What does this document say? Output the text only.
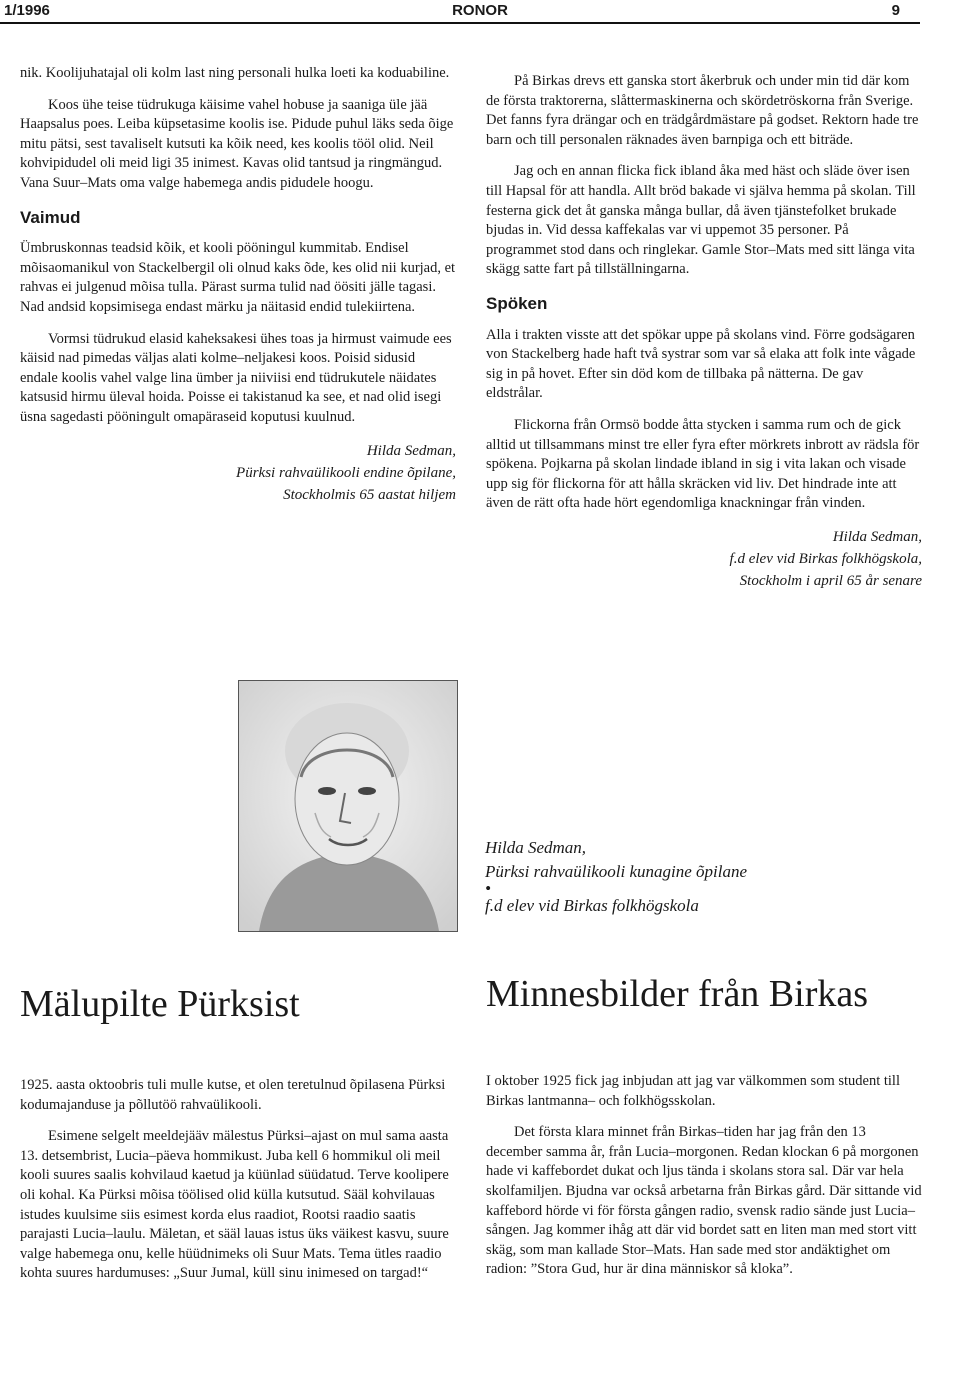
1/1996	RONOR	9

nik. Koolijuhatajal oli kolm last ning personali hulka loeti ka koduabiline.

Koos ühe teise tüdrukuga käisime vahel hobuse ja saaniga üle jää Haapsalus poes. Leiba küpsetasime koolis ise. Pidude puhul läks seda õige mitu pätsi, sest tavaliselt kutsuti ka kõik need, kes koolis tööl olid. Neil kohvipidudel oli meid ligi 35 inimest. Kavas olid tantsud ja ringmängud. Vana Suur–Mats oma valge habemega andis pidudele hoogu.

Vaimud

Ümbruskonnas teadsid kõik, et kooli pööningul kummitab. Endisel mõisaomanikul von Stackelbergil oli olnud kaks õde, kes olid nii kurjad, et rahvas ei julgenud mõisa tulla. Pärast surma tulid nad öösiti jälle tagasi. Nad andsid kopsimisega endast märku ja näitasid endid tulekiirtena.

Vormsi tüdrukud elasid kaheksakesi ühes toas ja hirmust vaimude ees käisid nad pimedas väljas alati kolme–neljakesi koos. Poisid sidusid endale koolis vahel valge lina ümber ja niiviisi end tüdrukutele näidates katsusid hirmu üleval hoida. Poisse ei takistanud ka see, et nad olid isegi üsna sagedasti pööningult omapäraseid koputusi kuulnud.

Hilda Sedman,
Pürksi rahvaülikooli endine õpilane,
Stockholmis 65 aastat hiljem

På Birkas drevs ett ganska stort åkerbruk och under min tid där kom de första traktorerna, slåttermaskinerna och skördetröskorna från Sverige. Det fanns fyra drängar och en trädgårdmästare på godset. Rektorn hade tre barn och till personalen räknades även barnpiga och ett biträde.

Jag och en annan flicka fick ibland åka med häst och släde över isen till Hapsal för att handla. Allt bröd bakade vi själva hemma på skolan. Till festerna gick det åt ganska många bullar, då även tjänstefolket brukade bjudas in. Vid dessa kaffekalas var vi uppemot 35 personer. På programmet stod dans och ringlekar. Gamle Stor–Mats med sitt länga vita skägg satte fart på tillställningarna.

Spöken

Alla i trakten visste att det spökar uppe på skolans vind. Förre godsägaren von Stackelberg hade haft två systrar som var så elaka att folk inte vågade sig in på hovet. Efter sin död kom de tillbaka på nätterna. De gav eldstrålar.

Flickorna från Ormsö bodde åtta stycken i samma rum och de gick alltid ut tillsammans minst tre eller fyra efter mörkrets inbrott av rädsla för spökena. Pojkarna på skolan lindade ibland in sig i vita lakan och visade upp sig för flickorna för att hålla skräcken vid liv. Det hindrade inte att även de rätt ofta hade hört egendomliga knackningar från vinden.

Hilda Sedman,
f.d elev vid Birkas folkhögskola,
Stockholm i april 65 år senare
Hilda Sedman,
Pürksi rahvaülikooli kunagine õpilane
•
f.d elev vid Birkas folkhögskola
Mälupilte Pürksist	Minnesbilder från Birkas

1925. aasta oktoobris tuli mulle kutse, et olen teretulnud õpilasena Pürksi kodumajanduse ja põllutöö rahvaülikooli.

Esimene selgelt meeldejääv mälestus Pürksi–ajast on mul sama aasta 13. detsembrist, Lucia–päeva hommikust. Juba kell 6 hommikul oli meil kooli suures saalis kohvilaud kaetud ja küünlad süüdatud. Terve koolipere oli kohal. Ka Pürksi mõisa töölised olid külla kutsutud. Sääl kohvilauas istudes kuulsime siis esimest korda elus raadiot, Rootsi raadio saatis parajasti Lucia–laulu. Mäletan, et sääl lauas istus üks väikest kasvu, suure valge habemega onu, kelle hüüdnimeks oli Suur Mats. Tema ütles raadio kohta suures hardumuses: „Suur Jumal, küll sinu inimesed on targad!“

I oktober 1925 fick jag inbjudan att jag var välkommen som student till Birkas lantmanna– och folkhögsskolan.

Det första klara minnet från Birkas–tiden har jag från den 13 december samma år, från Lucia–morgonen. Redan klockan 6 på morgonen hade vi kaffebordet dukat och ljus tända i skolans stora sal. Där var hela skolfamiljen. Bjudna var också arbetarna från Birkas gård. Där sittande vid kaffebord hörde vi för första gången radio, svensk radio sände just Lucia–sången. Jag kommer ihåg att där vid bordet satt en liten man med stort vitt skäg, som man kallade Stor–Mats. Han sade med stor andäktighet om radion: ”Stora Gud, hur är dina människor så kloka”.
